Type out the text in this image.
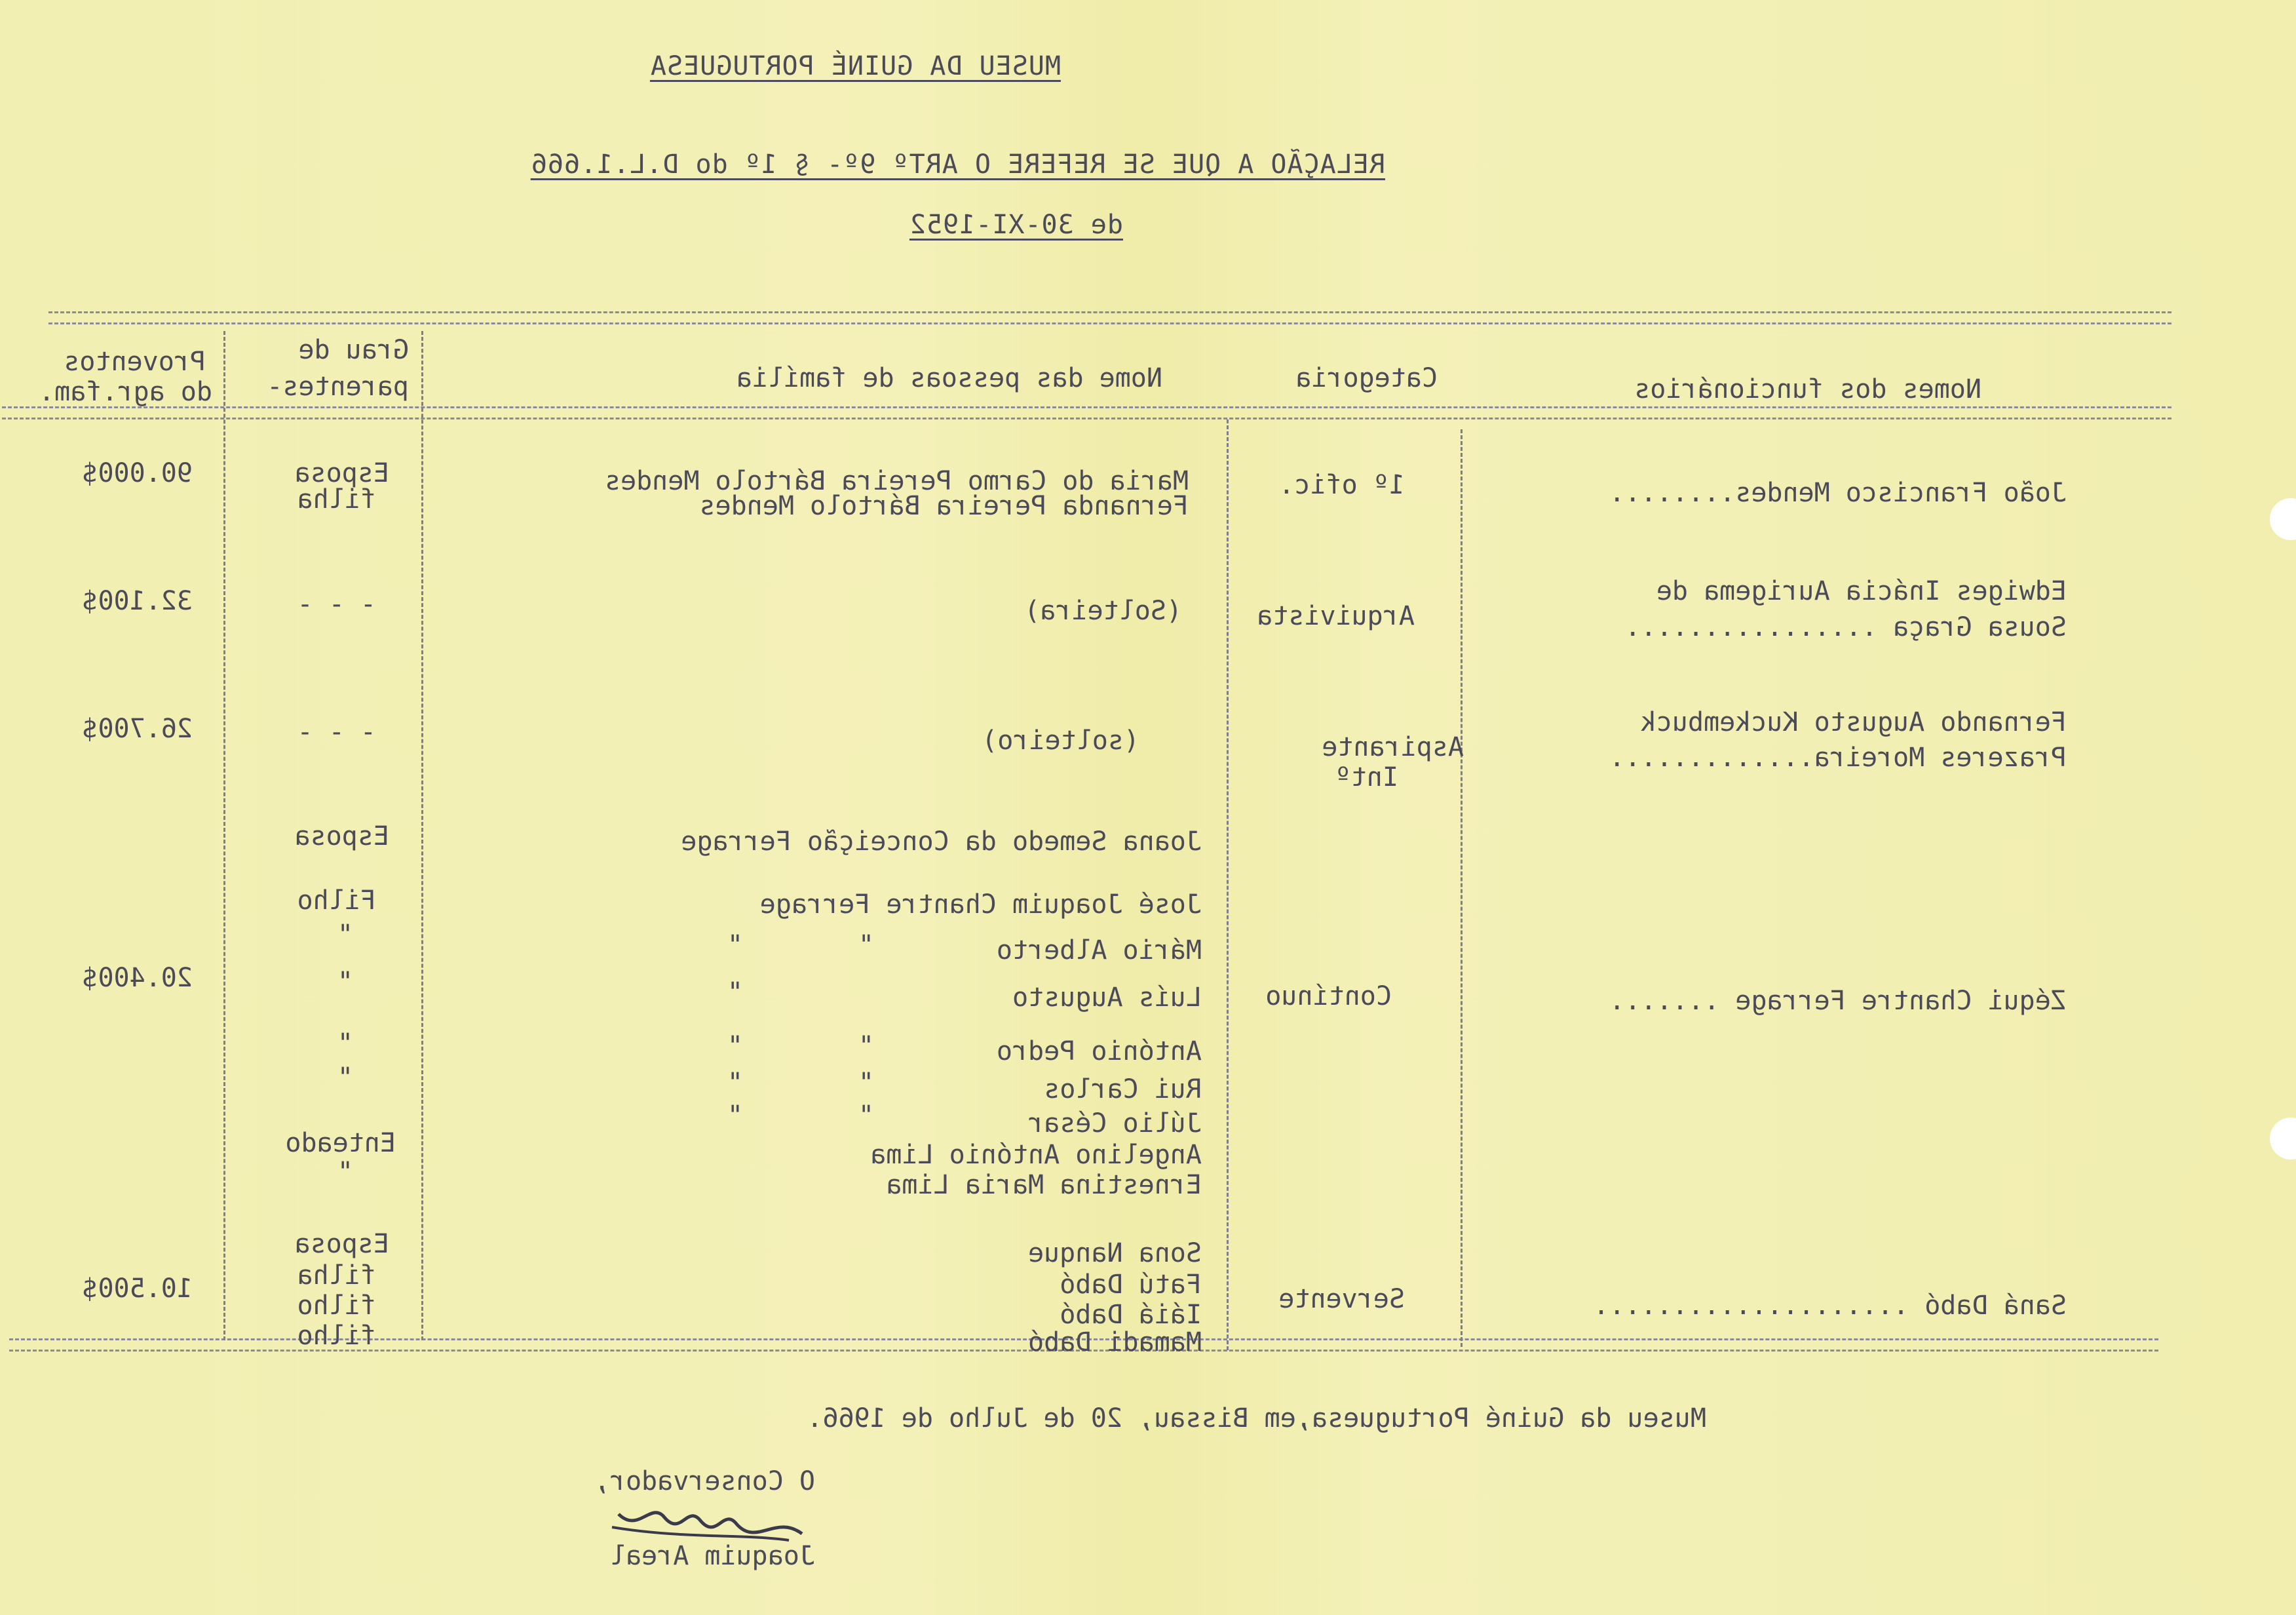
MUSEU DA GUINÉ PORTUGUESA
RELAÇÃO A QUE SE REFERE O ARTº 9º- § 1º do D.L.1.666
de 30-XI-1952
Nomes dos funcionários
Categoria
Nome das pessoas de família
Grau de
parentes-
Proventos
do agr.fam.
João Francisco Mendes........
1º ofic.
Maria do Carmo Pereira Bártolo Mendes
Fernanda Pereira Bártolo Mendes
Esposa
filha
90.000$
Edwiges Inácia Aurigema de
Sousa Graça ................
Arquivista
(Solteira)
- - -
32.100$
Fernando Augusto Kuckembuck
Prazeres Moreira.............
Aspirante
Intº
(solteiro)
- - -
26.700$
Zéqui Chantre Ferrage .......
Contínuo
20.400$
Joana Semedo da Conceição Ferrage
José Joaquim Chantre Ferrage
Mário Alberto
Luís Augusto
António Pedro
Rui Carlos
Júlio César
Angelino António Lima
Ernestina Maria Lima
"
"
"
"
"
"
"
"
"
Esposa
Filho
"
"
"
"
Enteado
"
Saná Dabó ....................
Servente
10.500$
Sona Nanque
Fatú Dabó
Iáiá Dabó
Mamadi Dabó
Esposa
filha
filho
filho
Museu da Guiné Portuguesa,em Bissau, 20 de Julho de 1966.
O Conservador,
Joaquim Areal
